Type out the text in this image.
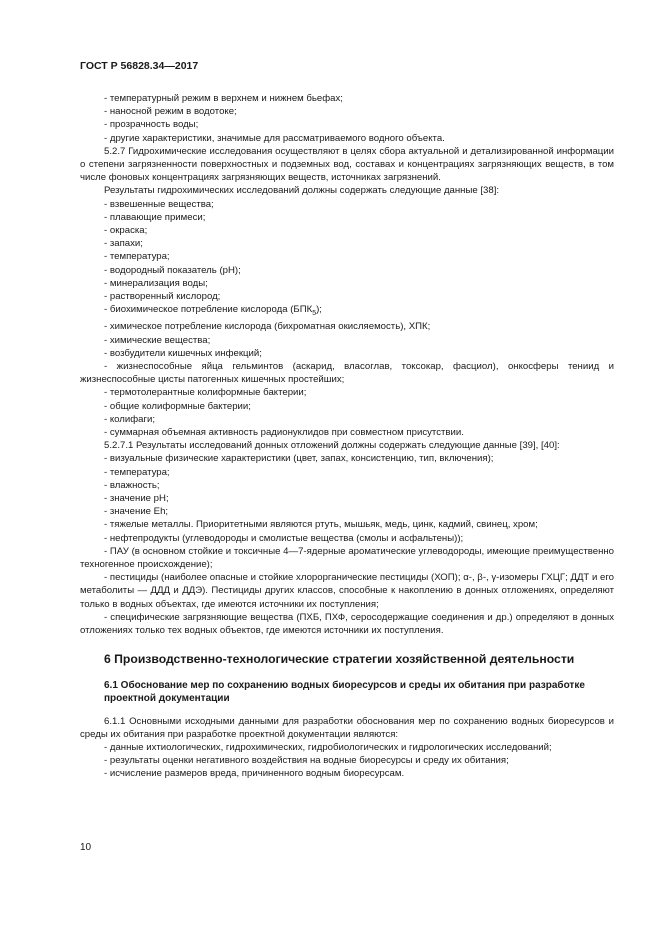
ГОСТ Р 56828.34—2017

- температурный режим в верхнем и нижнем бьефах;

- наносной режим в водотоке;

- прозрачность воды;

- другие характеристики, значимые для рассматриваемого водного объекта.

5.2.7 Гидрохимические исследования осуществляют в целях сбора актуальной и детализированной информации о степени загрязненности поверхностных и подземных вод, составах и концентрациях загрязняющих веществ, в том числе фоновых концентрациях загрязняющих веществ, источниках загрязнений.

Результаты гидрохимических исследований должны содержать следующие данные [38]:

- взвешенные вещества;

- плавающие примеси;

- окраска;

- запахи;

- температура;

- водородный показатель (pH);

- минерализация воды;

- растворенный кислород;

- биохимическое потребление кислорода $(БПК_5)$;

- химическое потребление кислорода (бихроматная окисляемость), ХПК;

- химические вещества;

- возбудители кишечных инфекций;

- жизнеспособные яйца гельминтов (аскарид, власоглав, токсокар, фасциол), онкосферы тениид и жизнеспособные цисты патогенных кишечных простейших;

- термотолерантные колиформные бактерии;

- общие колиформные бактерии;

- колифаги;

- суммарная объемная активность радионуклидов при совместном присутствии.

5.2.7.1 Результаты исследований донных отложений должны содержать следующие данные [39], [40]:

- визуальные физические характеристики (цвет, запах, консистенцию, тип, включения);

- температура;

- влажность;

- значение pH;

- значение Eh;

- тяжелые металлы. Приоритетными являются ртуть, мышьяк, медь, цинк, кадмий, свинец, хром;

- нефтепродукты (углеводороды и смолистые вещества (смолы и асфальтены));

- ПАУ (в основном стойкие и токсичные 4—7-ядерные ароматические углеводороды, имеющие преимущественно техногенное происхождение);

- пестициды (наиболее опасные и стойкие хлорорганические пестициды (ХОП); α-, β-, γ-изомеры ГХЦГ; ДДТ и его метаболиты — ДДД и ДДЭ). Пестициды других классов, способные к накоплению в донных отложениях, определяют только в водных объектах, где имеются источники их поступления;

- специфические загрязняющие вещества (ПХБ, ПХФ, серосодержащие соединения и др.) определяют в донных отложениях только тех водных объектов, где имеются источники их поступления.

6 Производственно-технологические стратегии хозяйственной деятельности
6.1 Обоснование мер по сохранению водных биоресурсов и среды их обитания при разработке проектной документации

6.1.1 Основными исходными данными для разработки обоснования мер по сохранению водных биоресурсов и среды их обитания при разработке проектной документации являются:

- данные ихтиологических, гидрохимических, гидробиологических и гидрологических исследований;

- результаты оценки негативного воздействия на водные биоресурсы и среду их обитания;

- исчисление размеров вреда, причиненного водным биоресурсам.

10
